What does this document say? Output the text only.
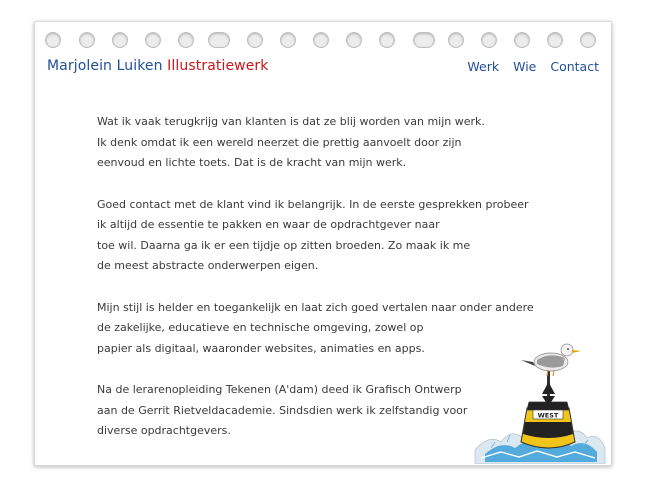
Marjolein Luiken Illustratiewerk	Werk Wie Contact

Wat ik vaak terugkrijg van klanten is dat ze blij worden van mijn werk.
Ik denk omdat ik een wereld neerzet die prettig aanvoelt door zijn
eenvoud en lichte toets. Dat is de kracht van mijn werk.

Goed contact met de klant vind ik belangrijk. In de eerste gesprekken probeer
ik altijd de essentie te pakken en waar de opdrachtgever naar
toe wil. Daarna ga ik er een tijdje op zitten broeden. Zo maak ik me
de meest abstracte onderwerpen eigen.

Mijn stijl is helder en toegankelijk en laat zich goed vertalen naar onder andere
de zakelijke, educatieve en technische omgeving, zowel op
papier als digitaal, waaronder websites, animaties en apps.

Na de lerarenopleiding Tekenen (A'dam) deed ik Grafisch Ontwerp
aan de Gerrit Rietveldacademie. Sindsdien werk ik zelfstandig voor
diverse opdrachtgevers.

WEST
